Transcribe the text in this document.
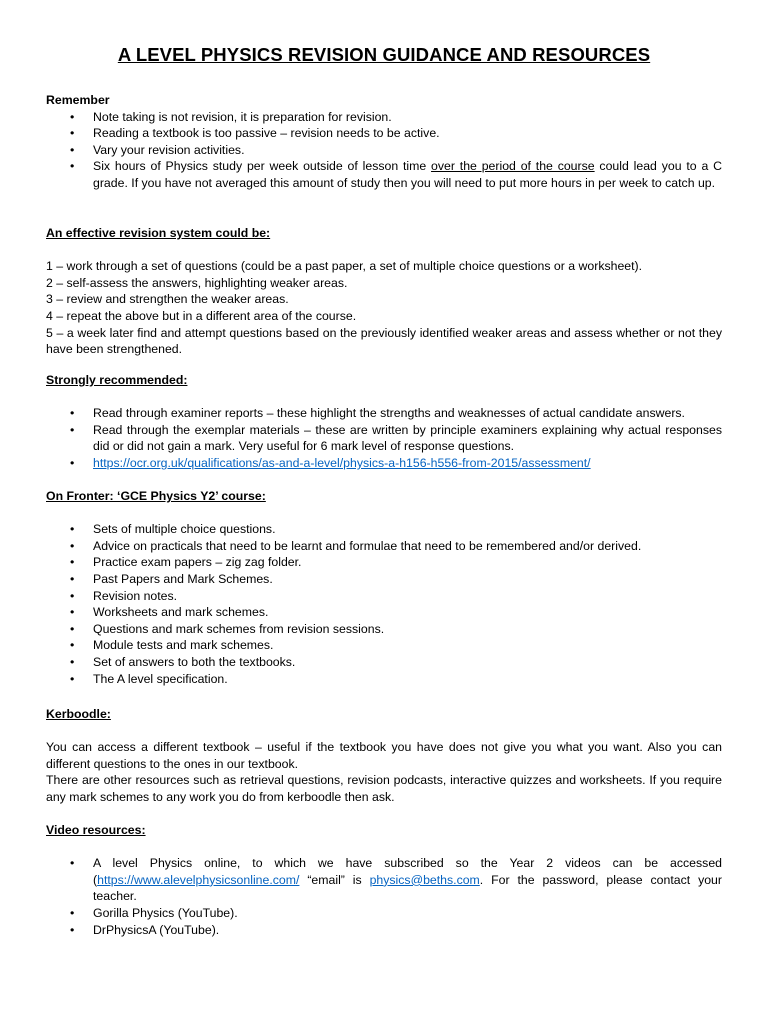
A LEVEL PHYSICS REVISION GUIDANCE AND RESOURCES
Remember
• Note taking is not revision, it is preparation for revision.
• Reading a textbook is too passive – revision needs to be active.
• Vary your revision activities.
• Six hours of Physics study per week outside of lesson time over the period of the course could lead you to a C grade. If you have not averaged this amount of study then you will need to put more hours in per week to catch up.
An effective revision system could be:

1 – work through a set of questions (could be a past paper, a set of multiple choice questions or a worksheet).

2 – self-assess the answers, highlighting weaker areas.

3 – review and strengthen the weaker areas.

4 – repeat the above but in a different area of the course.

5 – a week later find and attempt questions based on the previously identified weaker areas and assess whether or not they have been strengthened.

Strongly recommended:
• Read through examiner reports – these highlight the strengths and weaknesses of actual candidate answers.
• Read through the exemplar materials – these are written by principle examiners explaining why actual responses did or did not gain a mark. Very useful for 6 mark level of response questions.
• https://ocr.org.uk/qualifications/as-and-a-level/physics-a-h156-h556-from-2015/assessment/
On Fronter: ‘GCE Physics Y2’ course:
• Sets of multiple choice questions.
• Advice on practicals that need to be learnt and formulae that need to be remembered and/or derived.
• Practice exam papers – zig zag folder.
• Past Papers and Mark Schemes.
• Revision notes.
• Worksheets and mark schemes.
• Questions and mark schemes from revision sessions.
• Module tests and mark schemes.
• Set of answers to both the textbooks.
• The A level specification.
Kerboodle:

You can access a different textbook – useful if the textbook you have does not give you what you want. Also you can different questions to the ones in our textbook.

There are other resources such as retrieval questions, revision podcasts, interactive quizzes and worksheets. If you require any mark schemes to any work you do from kerboodle then ask.

Video resources:
• A level Physics online, to which we have subscribed so the Year 2 videos can be accessed (https://www.alevelphysicsonline.com/ “email” is physics@beths.com. For the password, please contact your teacher.
• Gorilla Physics (YouTube).
• DrPhysicsA (YouTube).
